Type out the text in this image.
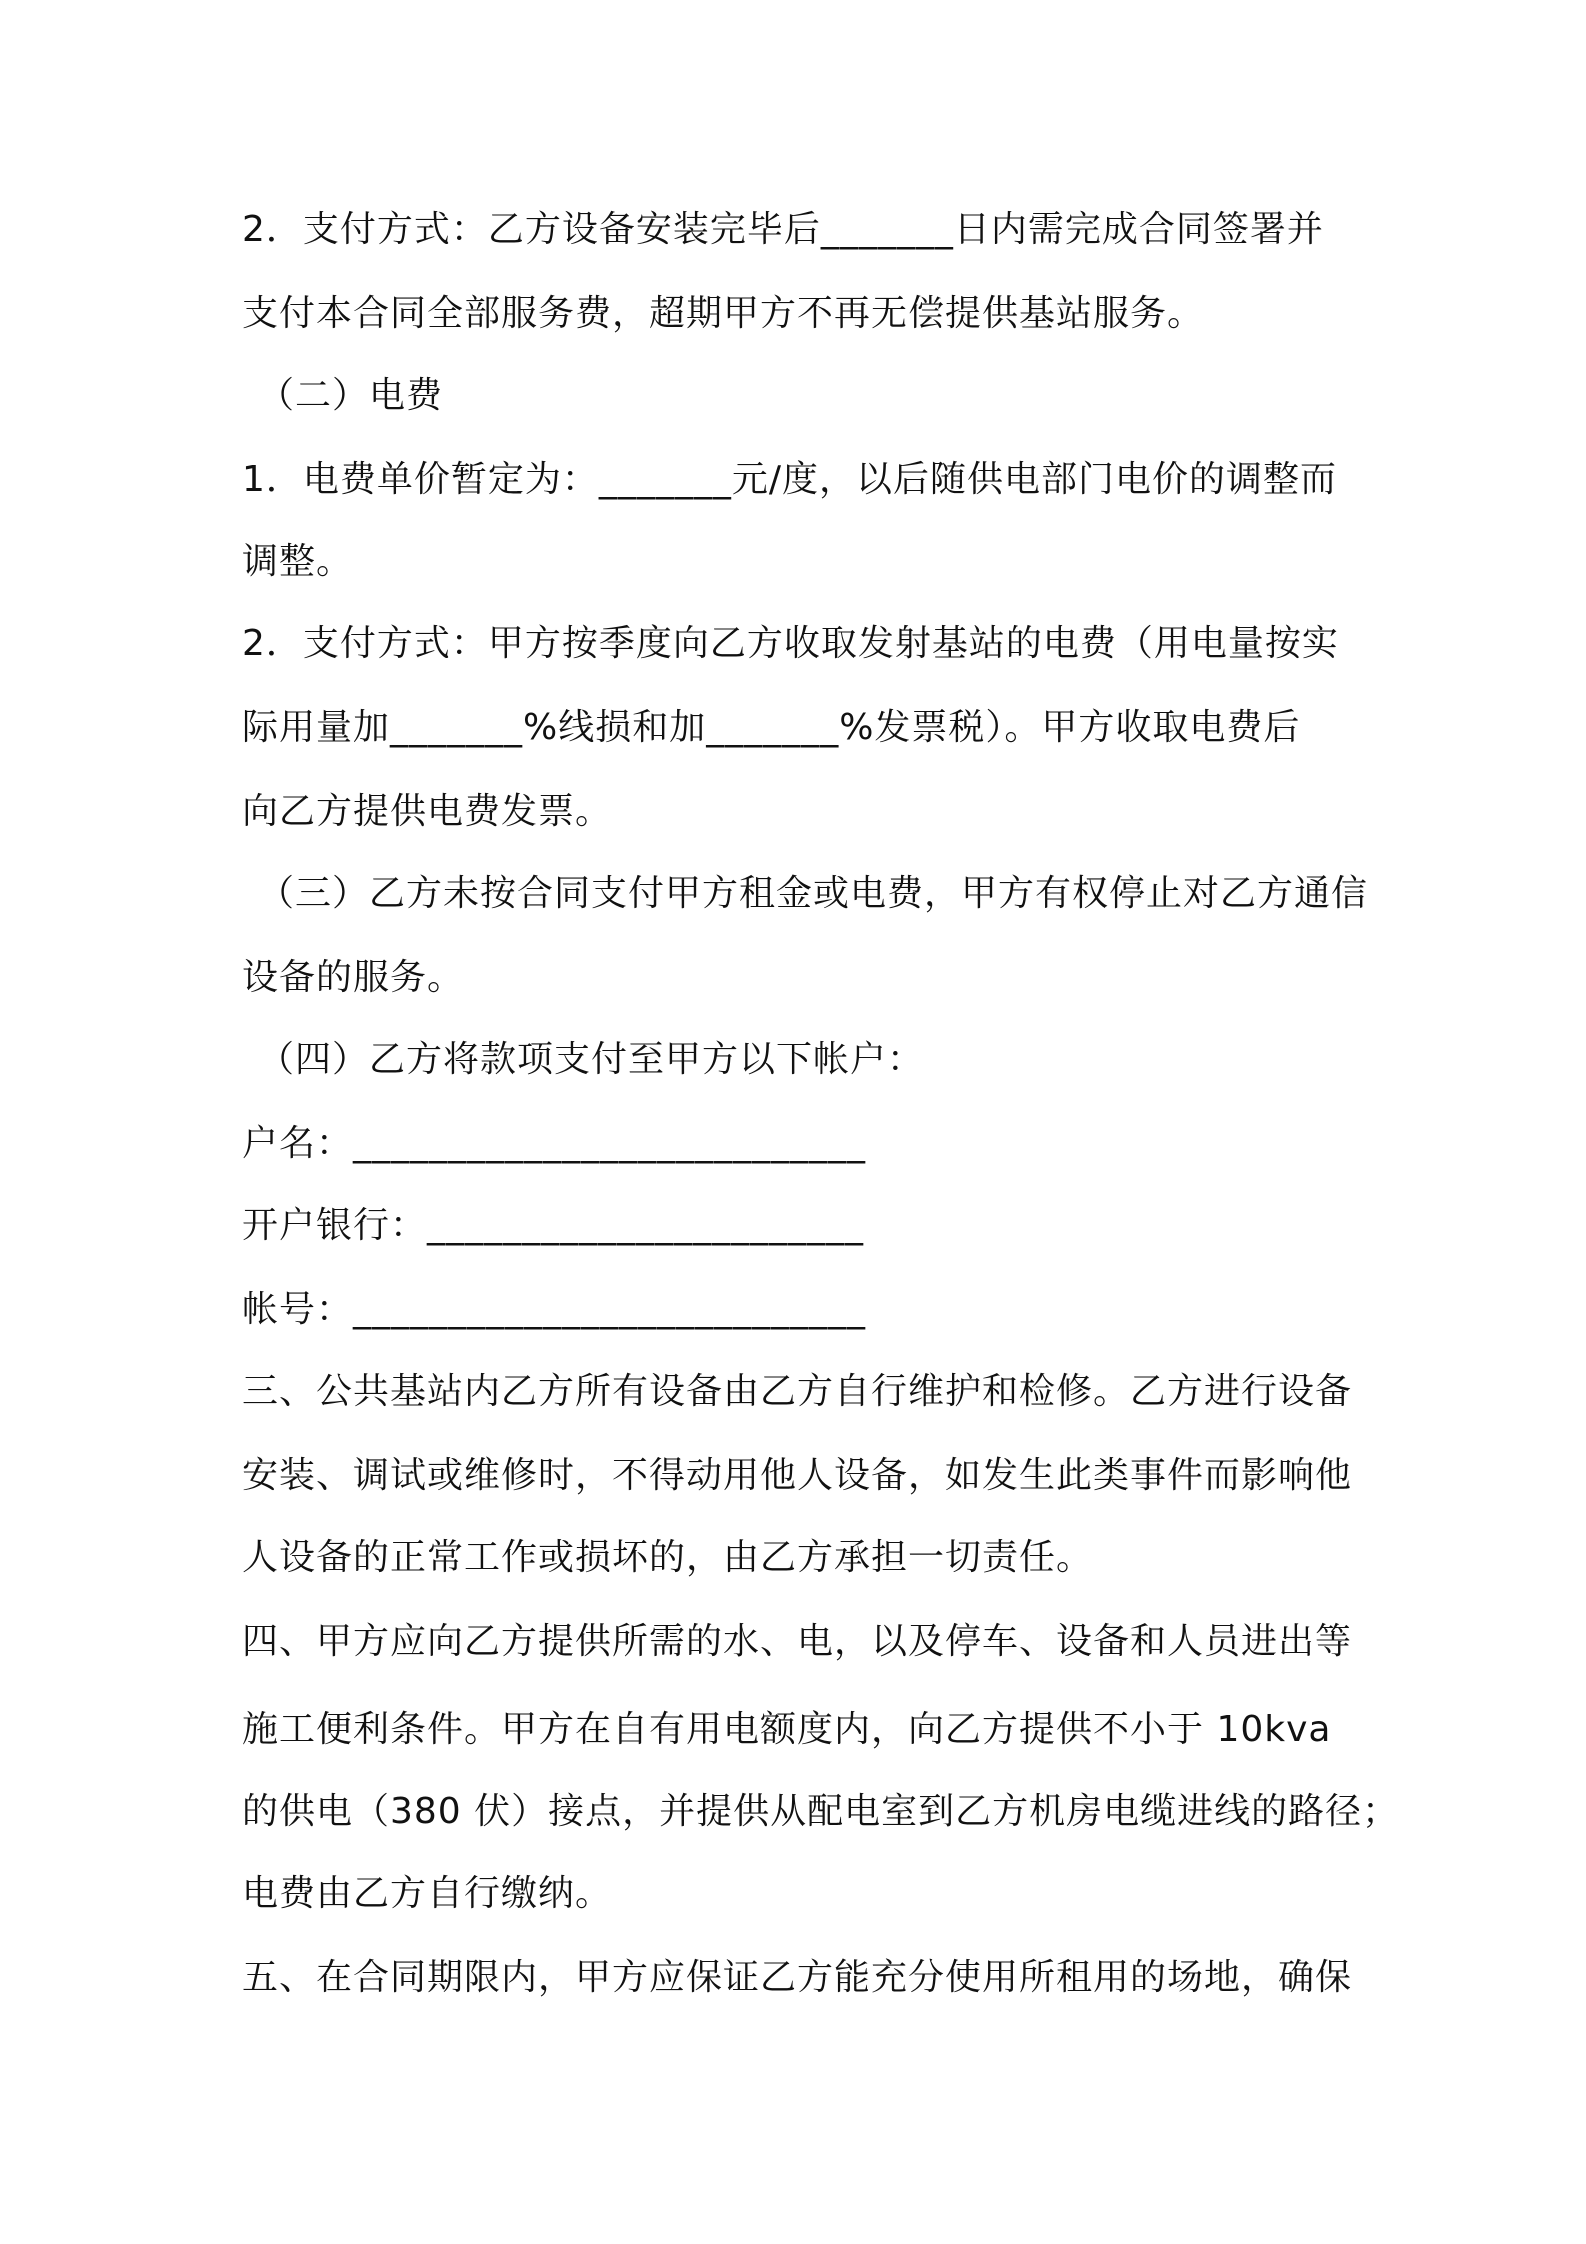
2．支付方式：乙方设备安装完毕后_______日内需完成合同签署并
支付本合同全部服务费，超期甲方不再无偿提供基站服务。
（二）电费
1．电费单价暂定为：_______元/度，以后随供电部门电价的调整而
调整。
2．支付方式：甲方按季度向乙方收取发射基站的电费（用电量按实
际用量加_______%线损和加_______%发票税）。甲方收取电费后
向乙方提供电费发票。
（三）乙方未按合同支付甲方租金或电费，甲方有权停止对乙方通信
设备的服务。
（四）乙方将款项支付至甲方以下帐户：
户名：___________________________
开户银行：_______________________
帐号：___________________________
三、公共基站内乙方所有设备由乙方自行维护和检修。乙方进行设备
安装、调试或维修时，不得动用他人设备，如发生此类事件而影响他
人设备的正常工作或损坏的，由乙方承担一切责任。
四、甲方应向乙方提供所需的水、电，以及停车、设备和人员进出等
施工便利条件。甲方在自有用电额度内，向乙方提供不小于 10kva
的供电（380 伏）接点，并提供从配电室到乙方机房电缆进线的路径；
电费由乙方自行缴纳。
五、在合同期限内，甲方应保证乙方能充分使用所租用的场地，确保
